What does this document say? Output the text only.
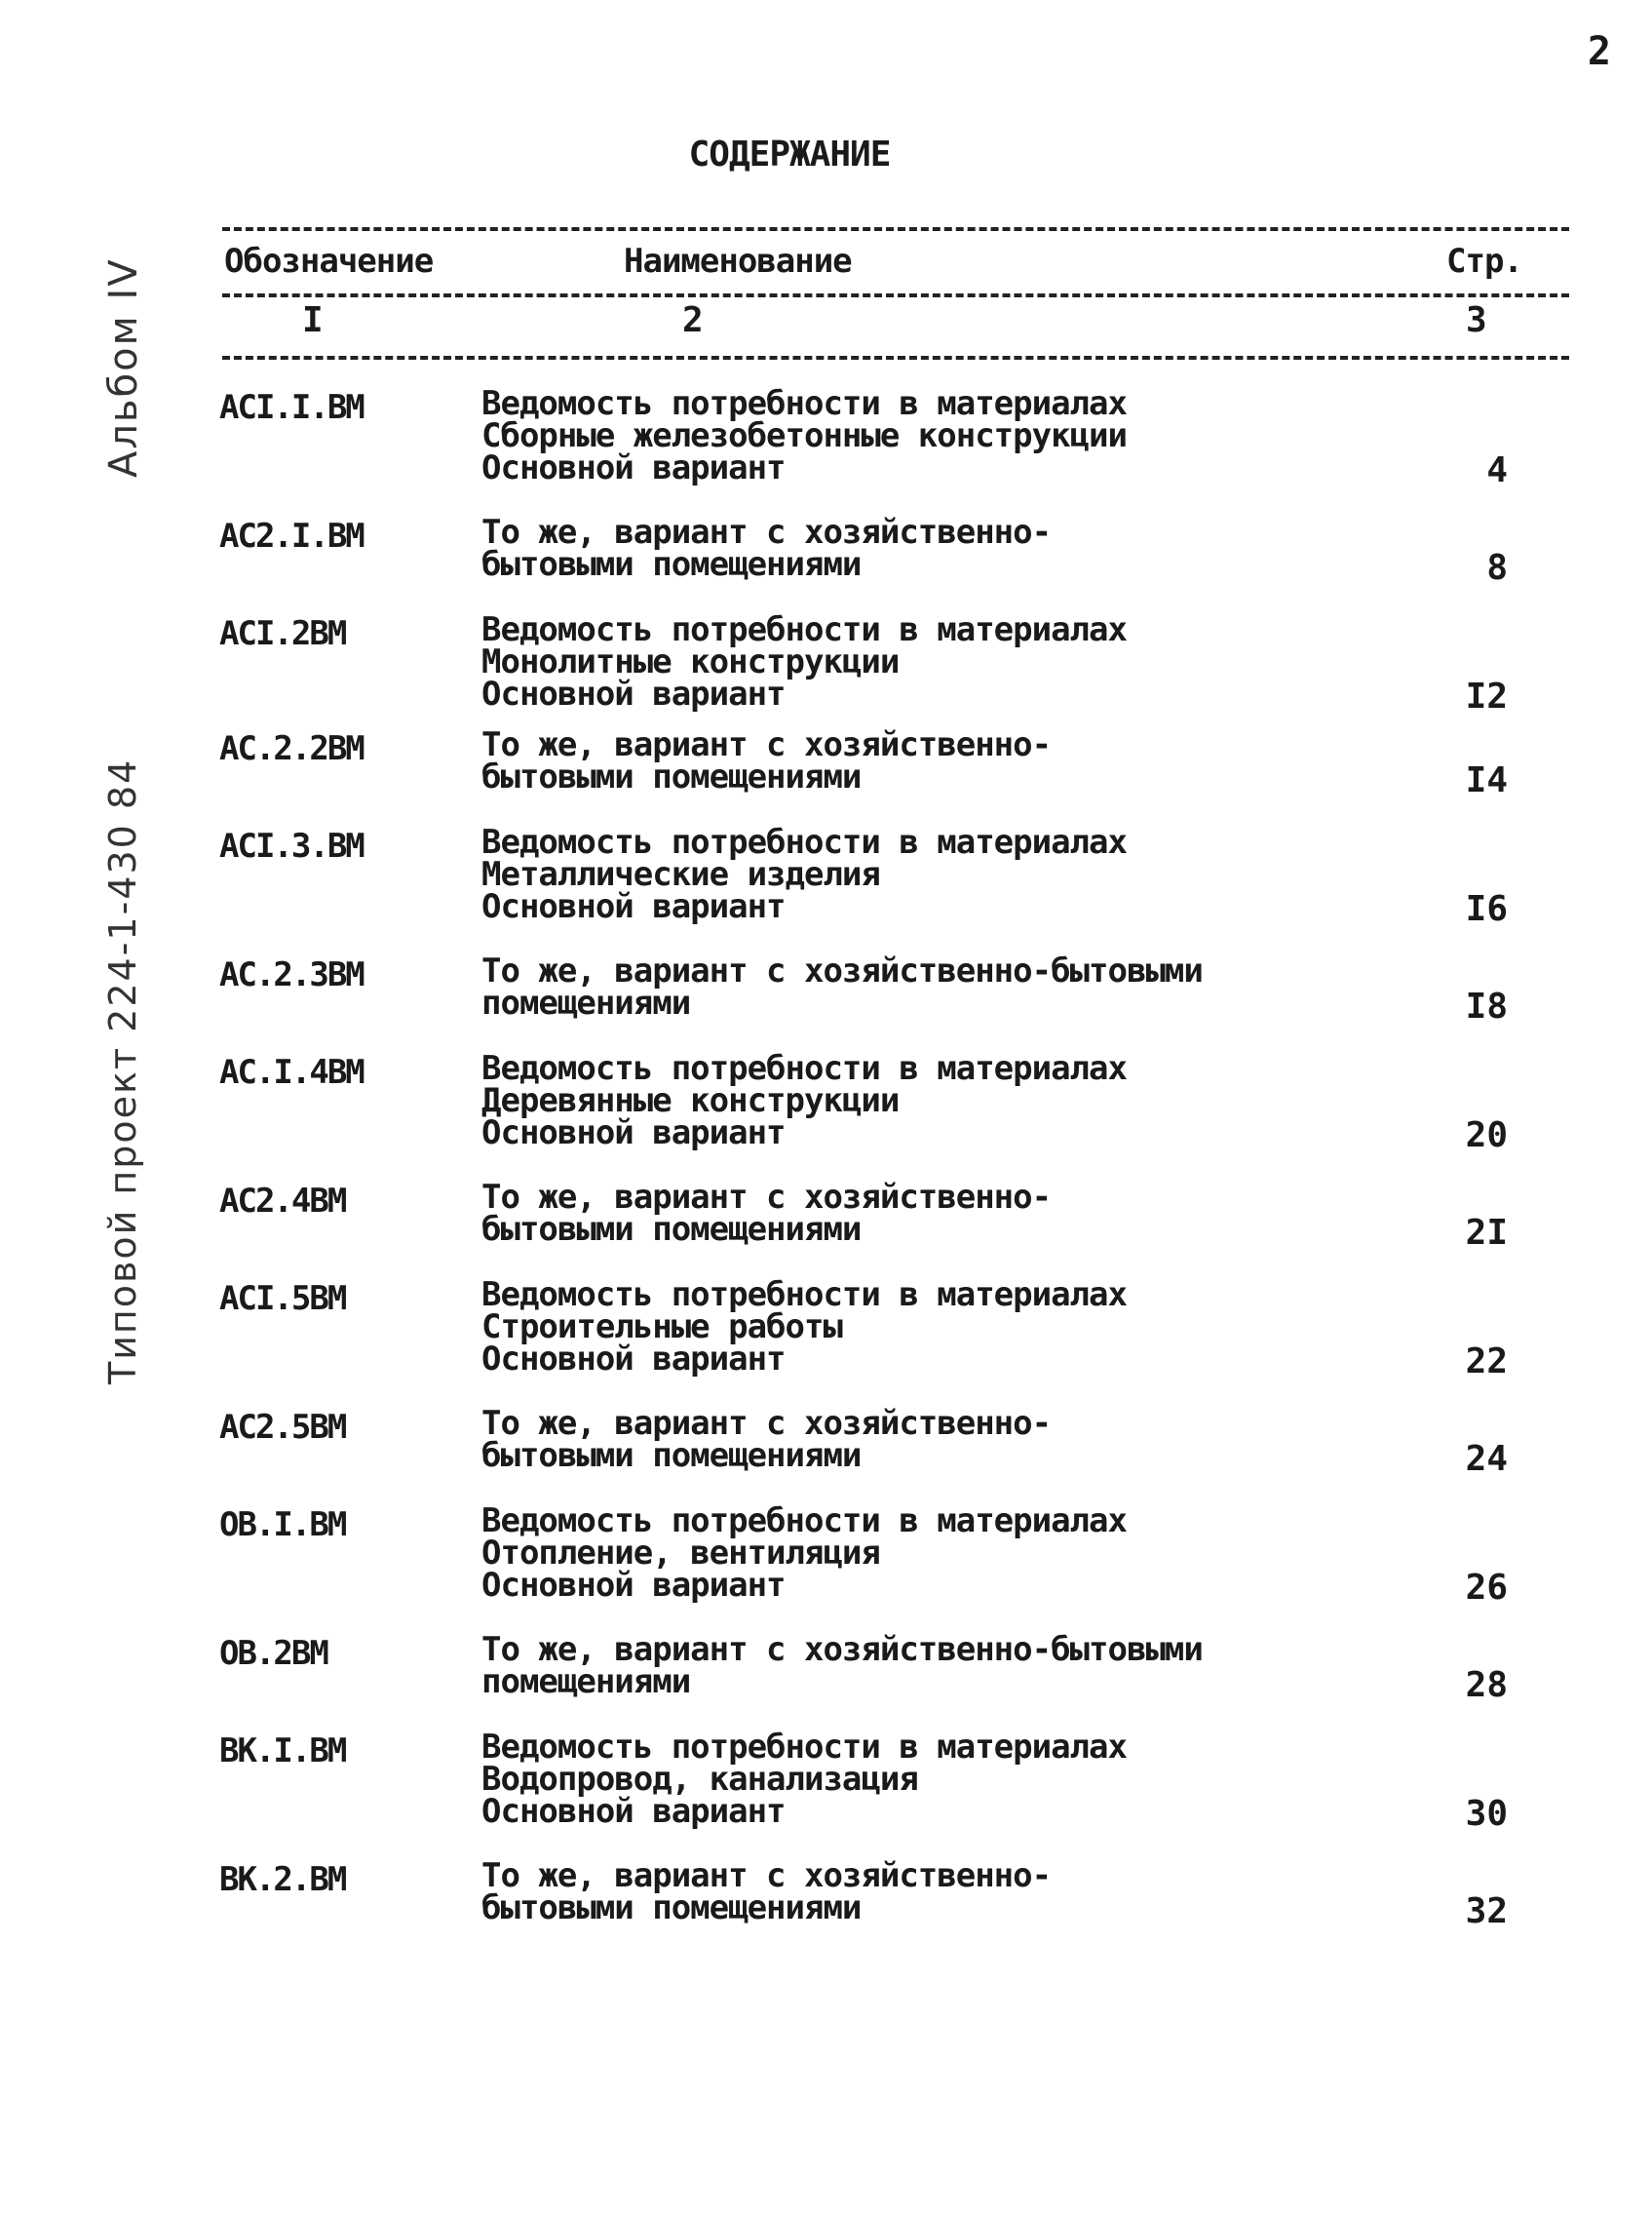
2
СОДЕРЖАНИЕ
Альбом IV
Типовой проект 224-1-430 84
Обозначение	Наименование	Стр.
I	2	3
ACI.I.BM	Ведомость потребности в материалах
Сборные железобетонные конструкции
Основной вариант	4
AC2.I.BM	То же, вариант с хозяйственно-
бытовыми помещениями	8
ACI.2BM	Ведомость потребности в материалах
Монолитные конструкции
Основной вариант	I2
AC.2.2BM	То же, вариант с хозяйственно-
бытовыми помещениями	I4
ACI.3.BM	Ведомость потребности в материалах
Металлические изделия
Основной вариант	I6
AC.2.3BM	То же, вариант с хозяйственно-бытовыми
помещениями	I8
AC.I.4BM	Ведомость потребности в материалах
Деревянные конструкции
Основной вариант	20
AC2.4BM	То же, вариант с хозяйственно-
бытовыми помещениями	2I
ACI.5BM	Ведомость потребности в материалах
Строительные работы
Основной вариант	22
AC2.5BM	То же, вариант с хозяйственно-
бытовыми помещениями	24
OB.I.BM	Ведомость потребности в материалах
Отопление, вентиляция
Основной вариант	26
OB.2BM	То же, вариант с хозяйственно-бытовыми
помещениями	28
BK.I.BM	Ведомость потребности в материалах
Водопровод, канализация
Основной вариант	30
BK.2.BM	То же, вариант с хозяйственно-
бытовыми помещениями	32
